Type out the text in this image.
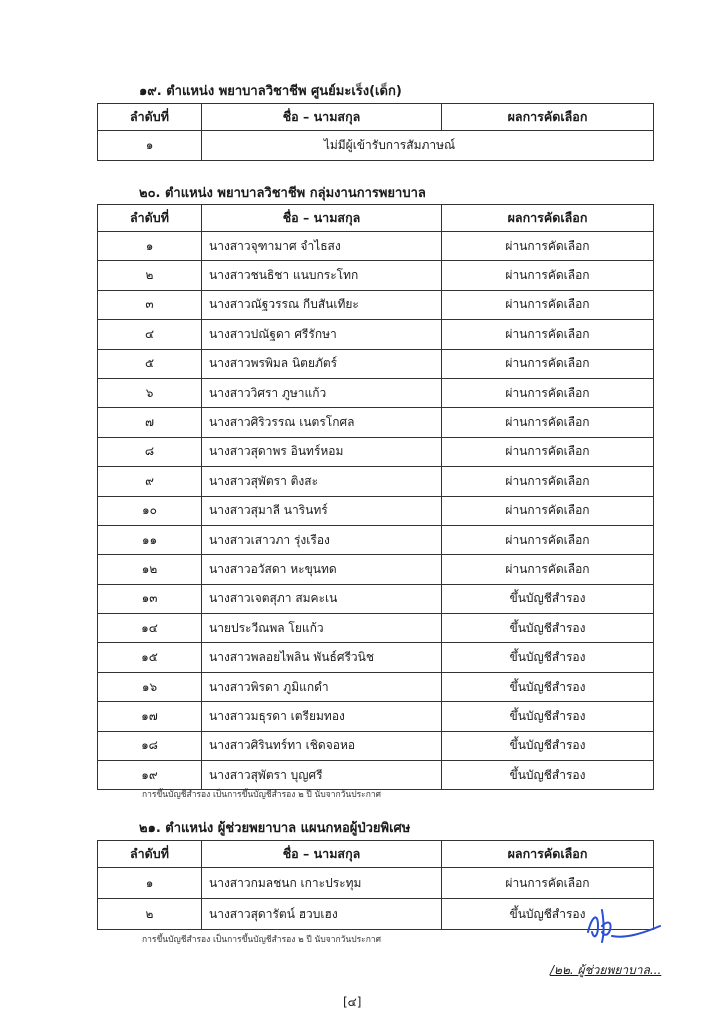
๑๙. ตำแหน่ง พยาบาลวิชาชีพ ศูนย์มะเร็ง(เด็ก)
ลำดับที่	ชื่อ – นามสกุล	ผลการคัดเลือก
๑	ไม่มีผู้เข้ารับการสัมภาษณ์	
๒๐. ตำแหน่ง พยาบาลวิชาชีพ กลุ่มงานการพยาบาล
ลำดับที่	ชื่อ – นามสกุล	ผลการคัดเลือก
๑	นางสาวจุฑามาศ จำไธสง	ผ่านการคัดเลือก
๒	นางสาวชนธิชา แนบกระโทก	ผ่านการคัดเลือก
๓	นางสาวณัฐวรรณ กีบสันเทียะ	ผ่านการคัดเลือก
๔	นางสาวปณัฐดา ศรีรักษา	ผ่านการคัดเลือก
๕	นางสาวพรพิมล นิตยภัตร์	ผ่านการคัดเลือก
๖	นางสาววิศรา ภูษาแก้ว	ผ่านการคัดเลือก
๗	นางสาวศิริวรรณ เนตรโกศล	ผ่านการคัดเลือก
๘	นางสาวสุดาพร อินทร์หอม	ผ่านการคัดเลือก
๙	นางสาวสุพัตรา ติงสะ	ผ่านการคัดเลือก
๑๐	นางสาวสุมาลี นารินทร์	ผ่านการคัดเลือก
๑๑	นางสาวเสาวภา รุ่งเรือง	ผ่านการคัดเลือก
๑๒	นางสาวอวัสดา หะขุนทด	ผ่านการคัดเลือก
๑๓	นางสาวเจตสุภา สมคะเน	ขึ้นบัญชีสำรอง
๑๔	นายประวีณพล โยแก้ว	ขึ้นบัญชีสำรอง
๑๕	นางสาวพลอยไพลิน พันธ์ศรีวนิช	ขึ้นบัญชีสำรอง
๑๖	นางสาวพิรดา ภูมิแกดำ	ขึ้นบัญชีสำรอง
๑๗	นางสาวมธุรดา เตรียมทอง	ขึ้นบัญชีสำรอง
๑๘	นางสาวศิรินทร์ทา เชิดจอหอ	ขึ้นบัญชีสำรอง
๑๙	นางสาวสุพัตรา บุญศรี	ขึ้นบัญชีสำรอง
การขึ้นบัญชีสำรอง เป็นการขึ้นบัญชีสำรอง ๒ ปี นับจากวันประกาศ
๒๑. ตำแหน่ง ผู้ช่วยพยาบาล แผนกหอผู้ป่วยพิเศษ
ลำดับที่	ชื่อ – นามสกุล	ผลการคัดเลือก
๑	นางสาวกมลชนก เกาะประทุม	ผ่านการคัดเลือก
๒	นางสาวสุดารัตน์ ฮวบเฮง	ขึ้นบัญชีสำรอง
การขึ้นบัญชีสำรอง เป็นการขึ้นบัญชีสำรอง ๒ ปี นับจากวันประกาศ
/๒๒. ผู้ช่วยพยาบาล...
[๔]
